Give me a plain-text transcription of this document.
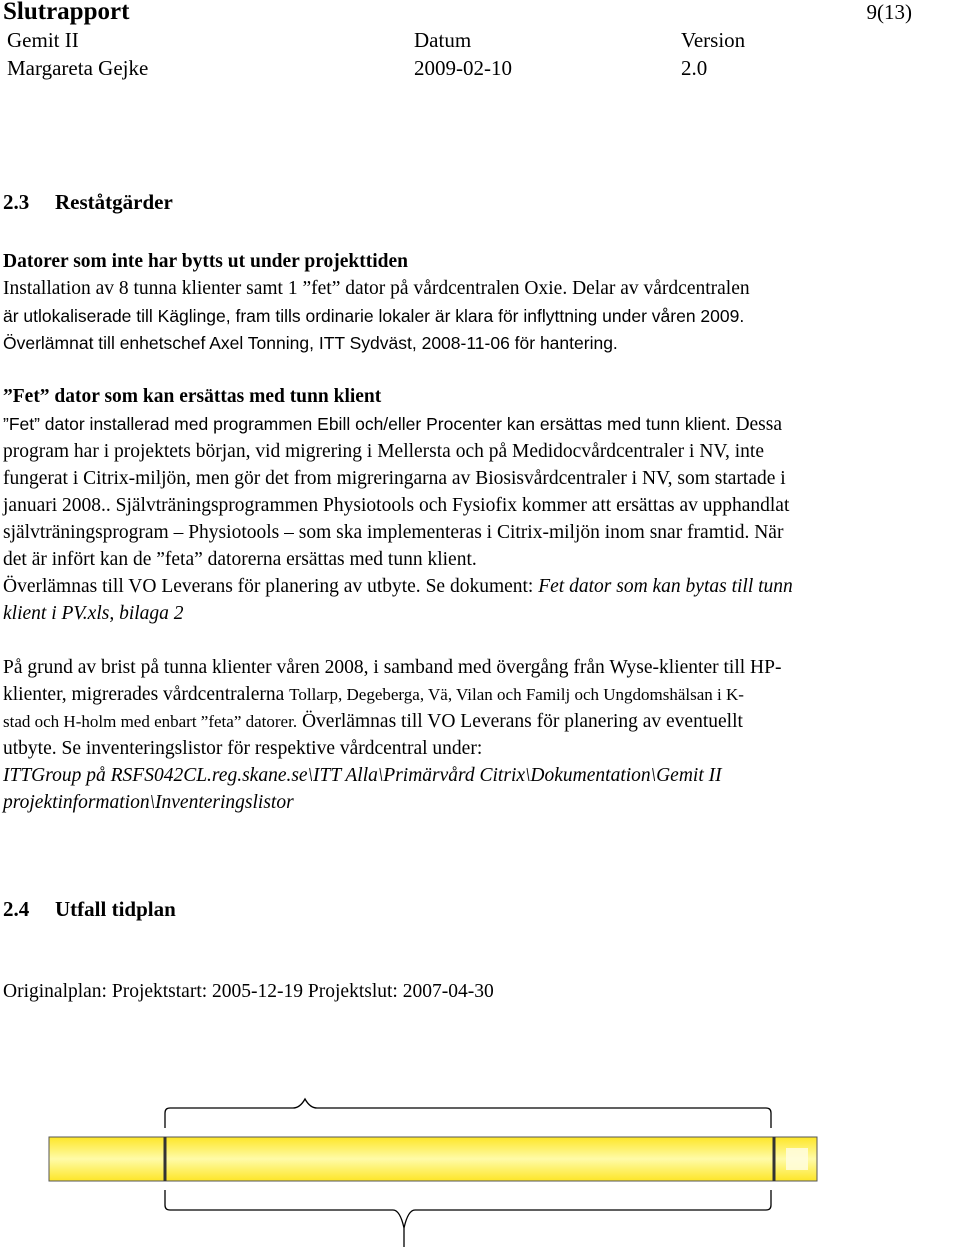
Slutrapport	9(13)
Gemit II	Datum	Version
Margareta Gejke	2009-02-10	2.0
2.3 Reståtgärder
Datorer som inte har bytts ut under projekttiden
Installation av 8 tunna klienter samt 1 ”fet” dator på vårdcentralen Oxie. Delar av vårdcentralen
är utlokaliserade till Käglinge, fram tills ordinarie lokaler är klara för inflyttning under våren 2009.
Överlämnat till enhetschef Axel Tonning, ITT Sydväst, 2008-11-06 för hantering.
”Fet” dator som kan ersättas med tunn klient
”Fet” dator installerad med programmen Ebill och/eller Procenter kan ersättas med tunn klient. Dessa
program har i projektets början, vid migrering i Mellersta och på Medidocvårdcentraler i NV, inte
fungerat i Citrix-miljön, men gör det from migreringarna av Biosisvårdcentraler i NV, som startade i
januari 2008.. Självträningsprogrammen Physiotools och Fysiofix kommer att ersättas av upphandlat
självträningsprogram – Physiotools – som ska implementeras i Citrix-miljön inom snar framtid. När
det är infört kan de ”feta” datorerna ersättas med tunn klient.
Överlämnas till VO Leverans för planering av utbyte. Se dokument: Fet dator som kan bytas till tunn
klient i PV.xls, bilaga 2
På grund av brist på tunna klienter våren 2008, i samband med övergång från Wyse-klienter till HP-
klienter, migrerades vårdcentralerna Tollarp, Degeberga, Vä, Vilan och Familj och Ungdomshälsan i K-
stad och H-holm med enbart ”feta” datorer. Överlämnas till VO Leverans för planering av eventuellt
utbyte. Se inventeringslistor för respektive vårdcentral under:
ITTGroup på RSFS042CL.reg.skane.se\ITT Alla\Primärvård Citrix\Dokumentation\Gemit II
projektinformation\Inventeringslistor
2.4 Utfall tidplan
Originalplan: Projektstart: 2005-12-19 Projektslut: 2007-04-30
